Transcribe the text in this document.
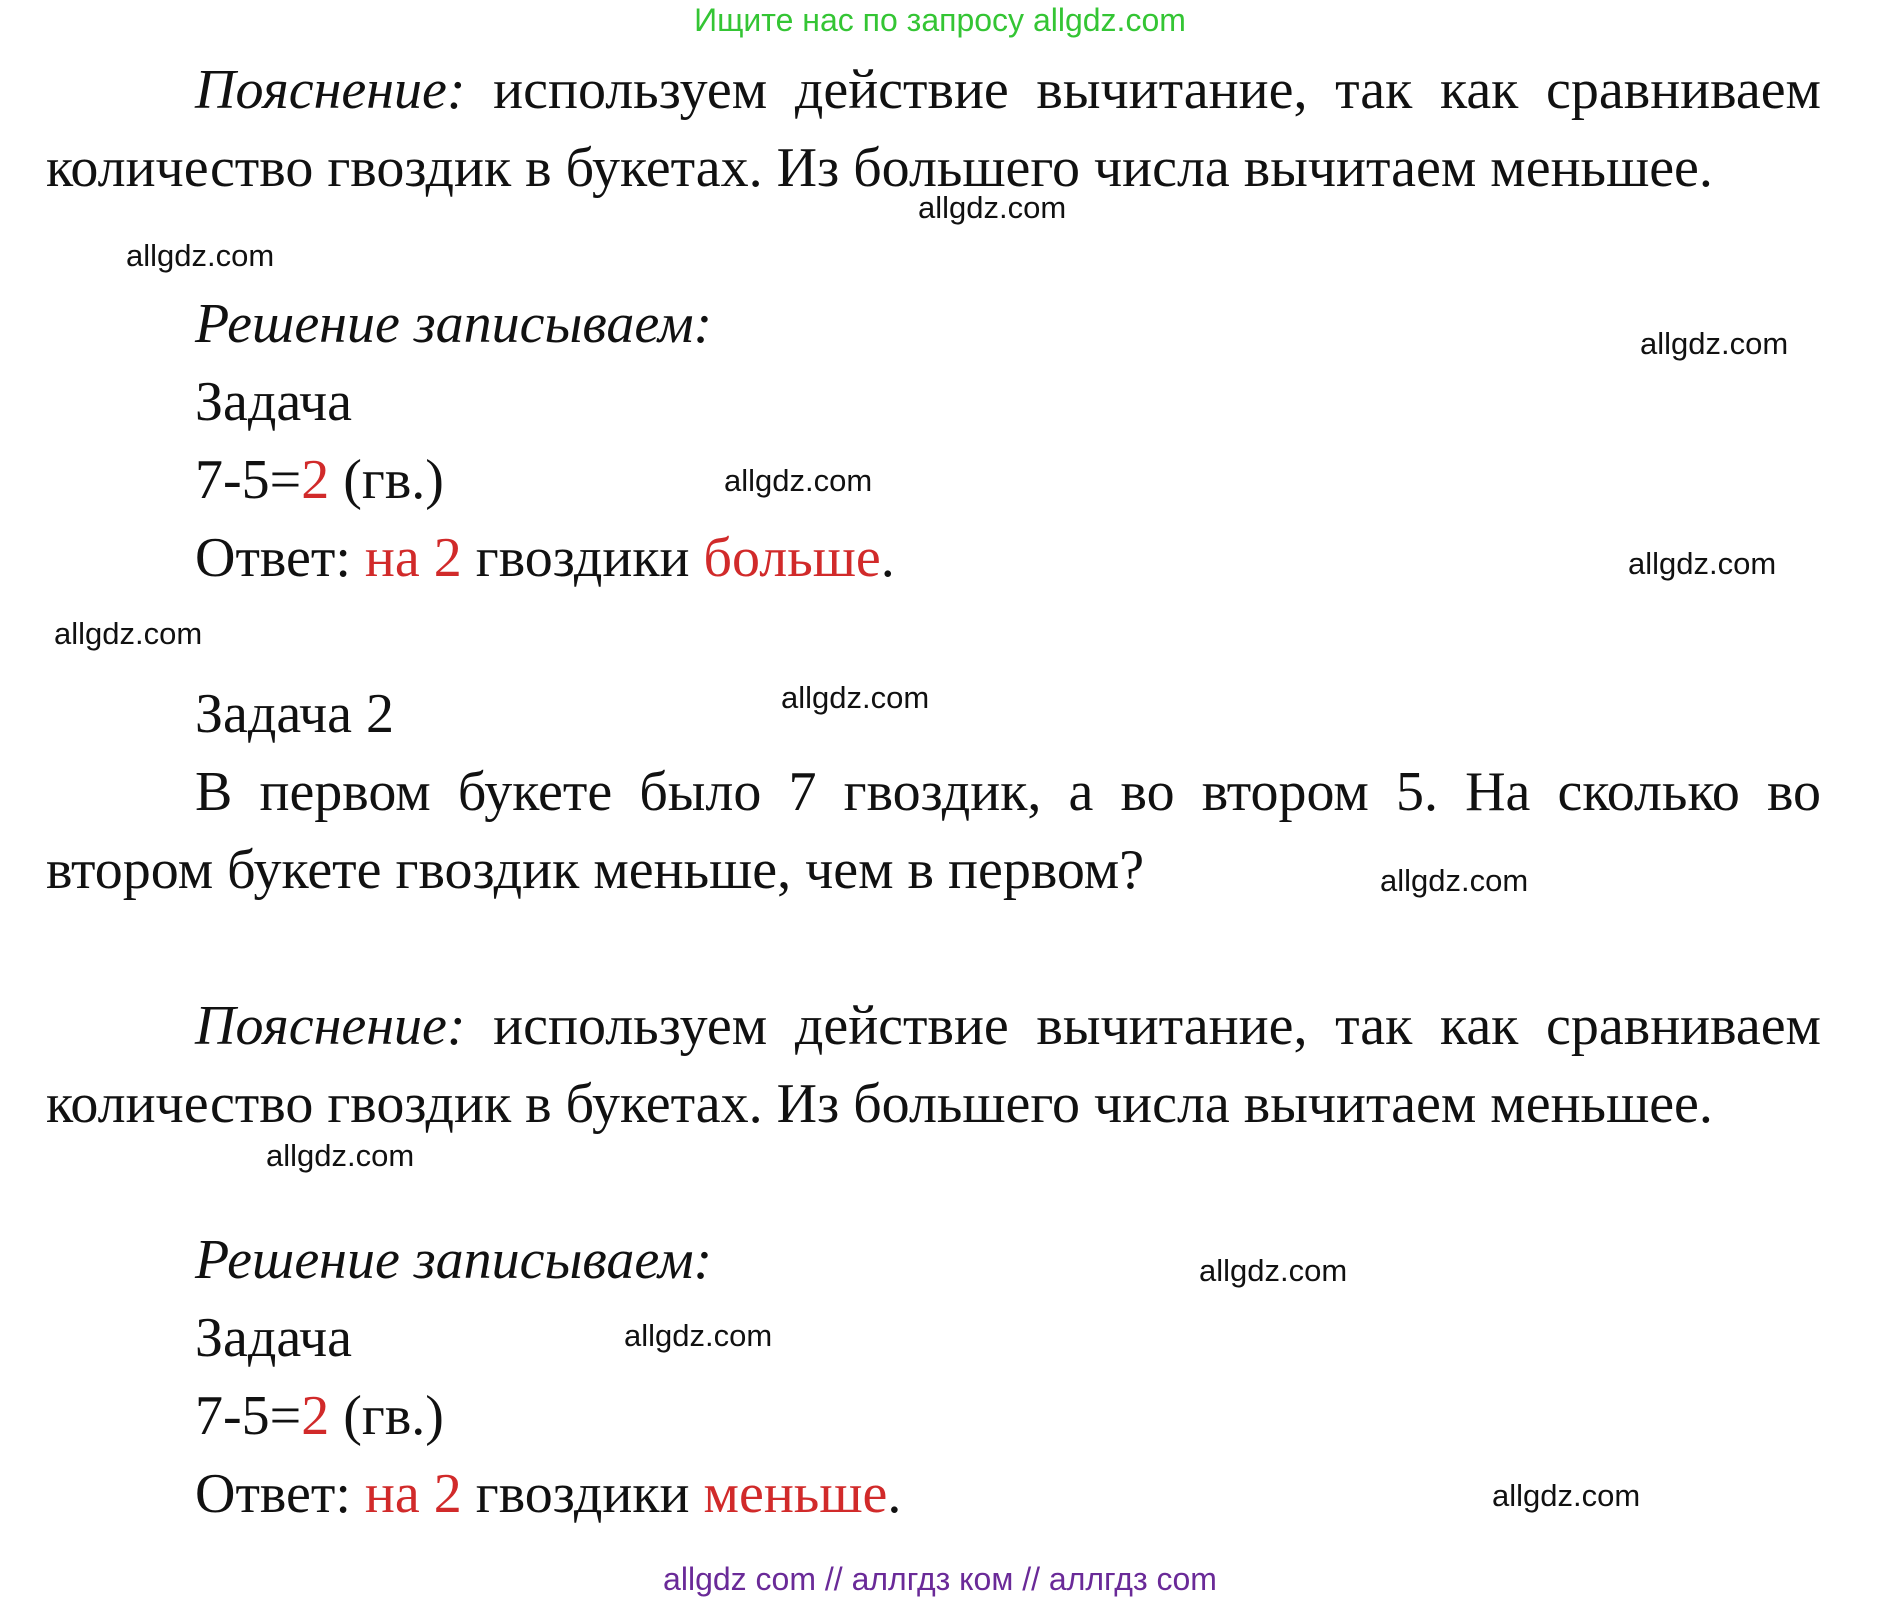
Ищите нас по запросу allgdz.com
Пояснение: используем действие вычитание, так как сравниваем
количество гвоздик в букетах. Из большего числа вычитаем меньшее.
Решение записываем:
Задача
7-5=2 (гв.)
Ответ: на 2 гвоздики больше.
Задача 2
В первом букете было 7 гвоздик, а во втором 5. На сколько во
втором букете гвоздик меньше, чем в первом?
Пояснение: используем действие вычитание, так как сравниваем
количество гвоздик в букетах. Из большего числа вычитаем меньшее.
Решение записываем:
Задача
7-5=2 (гв.)
Ответ: на 2 гвоздики меньше.
allgdz.com
allgdz.com
allgdz.com
allgdz.com
allgdz.com
allgdz.com
allgdz.com
allgdz.com
allgdz.com
allgdz.com
allgdz.com
allgdz.com
allgdz com // аллгдз ком // аллгдз com
